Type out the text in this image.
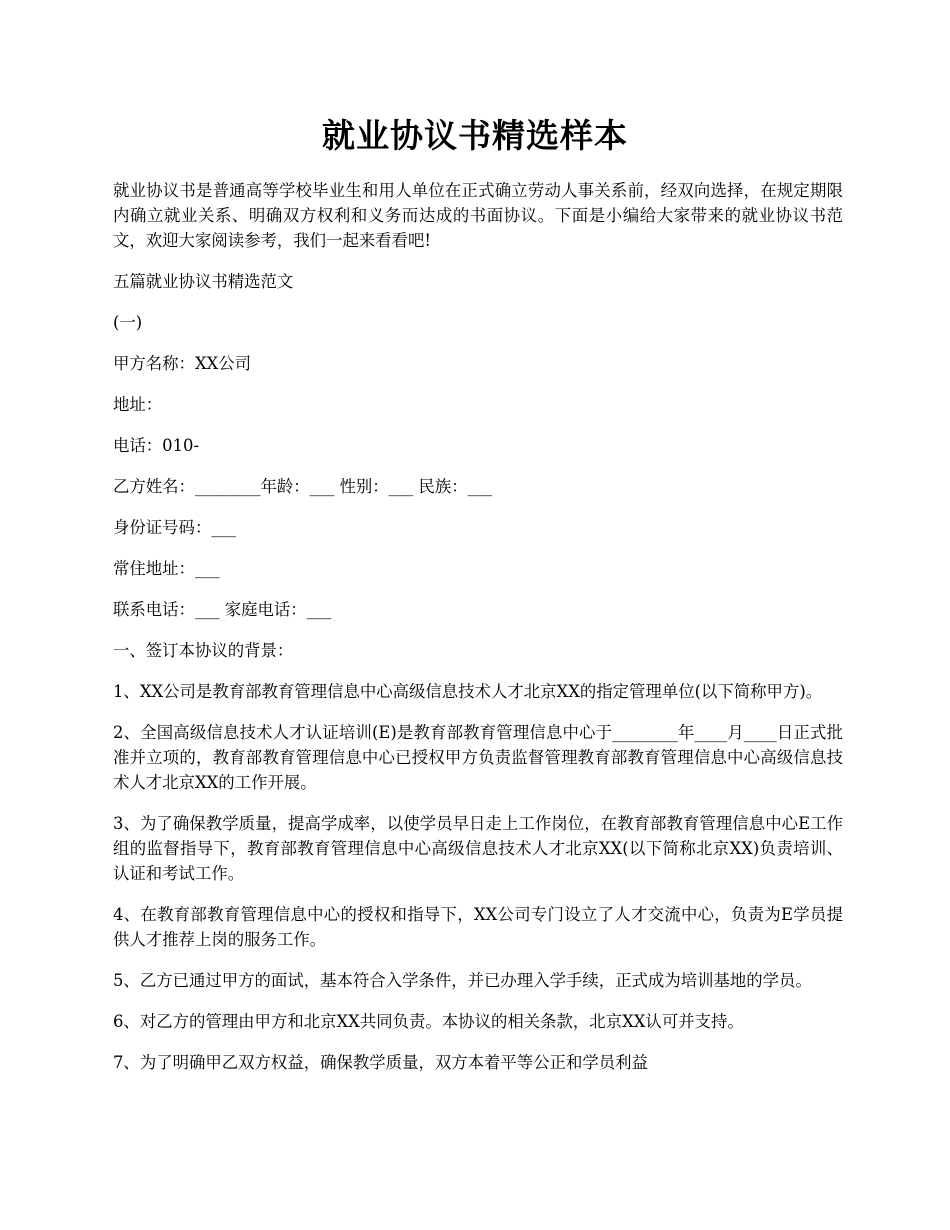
就业协议书精选样本

就业协议书是普通高等学校毕业生和用人单位在正式确立劳动人事关系前，经双向选择，在规定期限内确立就业关系、明确双方权利和义务而达成的书面协议。下面是小编给大家带来的就业协议书范文，欢迎大家阅读参考，我们一起来看看吧!

五篇就业协议书精选范文

(一)

甲方名称：XX公司

地址：

电话：010-

乙方姓名：________年龄：___ 性别：___ 民族：___

身份证号码：___

常住地址：___

联系电话：___ 家庭电话：___

一、签订本协议的背景：

1、XX公司是教育部教育管理信息中心高级信息技术人才北京XX的指定管理单位(以下简称甲方)。

2、全国高级信息技术人才认证培训(E)是教育部教育管理信息中心于________年____月____日正式批准并立项的，教育部教育管理信息中心已授权甲方负责监督管理教育部教育管理信息中心高级信息技术人才北京XX的工作开展。

3、为了确保教学质量，提高学成率，以使学员早日走上工作岗位，在教育部教育管理信息中心E工作组的监督指导下，教育部教育管理信息中心高级信息技术人才北京XX(以下简称北京XX)负责培训、认证和考试工作。

4、在教育部教育管理信息中心的授权和指导下，XX公司专门设立了人才交流中心，负责为E学员提供人才推荐上岗的服务工作。

5、乙方已通过甲方的面试，基本符合入学条件，并已办理入学手续，正式成为培训基地的学员。

6、对乙方的管理由甲方和北京XX共同负责。本协议的相关条款，北京XX认可并支持。

7、为了明确甲乙双方权益，确保教学质量，双方本着平等公正和学员利益
